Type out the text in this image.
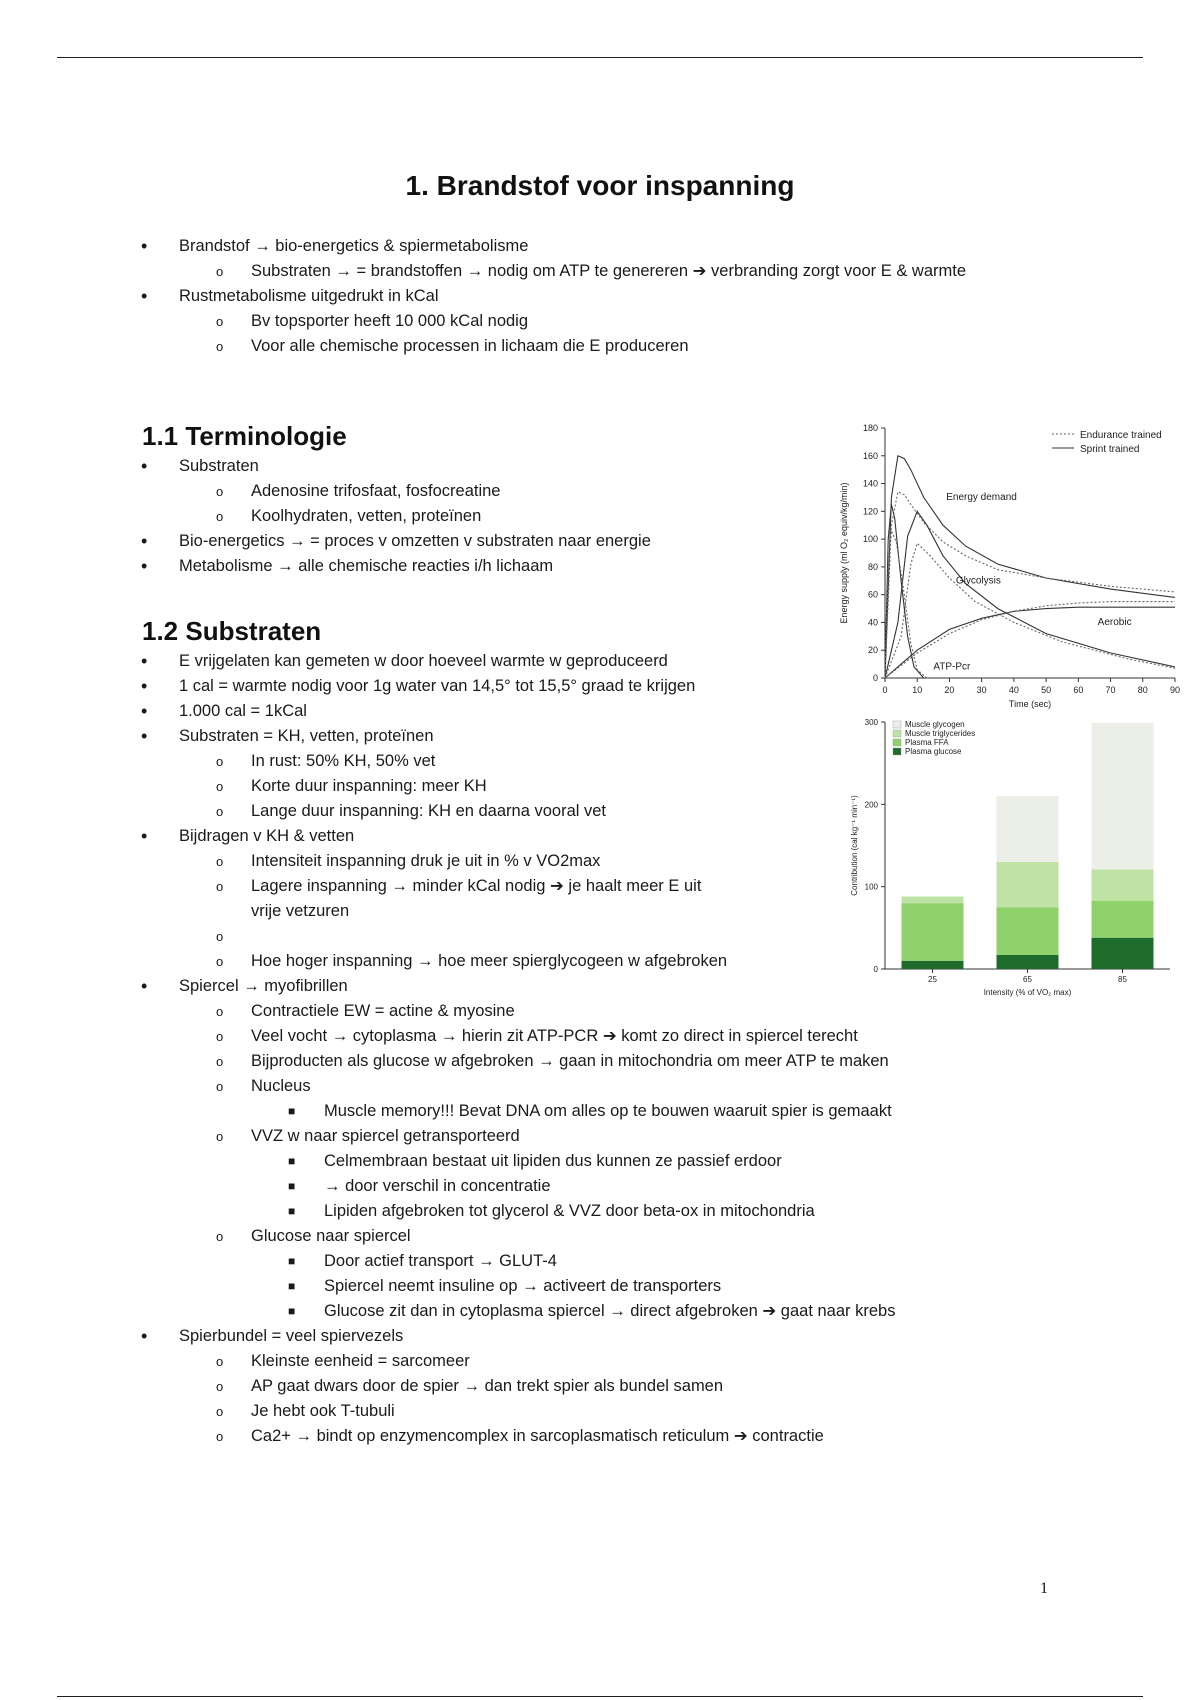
1. Brandstof voor inspanning
• Brandstof → bio-energetics & spiermetabolisme
o Substraten → = brandstoffen → nodig om ATP te genereren ➔ verbranding zorgt voor E & warmte
• Rustmetabolisme uitgedrukt in kCal
o Bv topsporter heeft 10 000 kCal nodig
o Voor alle chemische processen in lichaam die E produceren
1.1 Terminologie
• Substraten
o Adenosine trifosfaat, fosfocreatine
o Koolhydraten, vetten, proteïnen
• Bio-energetics → = proces v omzetten v substraten naar energie
• Metabolisme → alle chemische reacties i/h lichaam
1.2 Substraten
• E vrijgelaten kan gemeten w door hoeveel warmte w geproduceerd
• 1 cal = warmte nodig voor 1g water van 14,5° tot 15,5° graad te krijgen
• 1.000 cal = 1kCal
• Substraten = KH, vetten, proteïnen
o In rust: 50% KH, 50% vet
o Korte duur inspanning: meer KH
o Lange duur inspanning: KH en daarna vooral vet
• Bijdragen v KH & vetten
o Intensiteit inspanning druk je uit in % v VO2max
o Lagere inspanning → minder kCal nodig ➔ je haalt meer E uit
vrije vetzuren
o

o Hoe hoger inspanning → hoe meer spierglycogeen w afgebroken
• Spiercel → myofibrillen
o Contractiele EW = actine & myosine
o Veel vocht → cytoplasma → hierin zit ATP-PCR ➔ komt zo direct in spiercel terecht
o Bijproducten als glucose w afgebroken → gaan in mitochondria om meer ATP te maken
o Nucleus
■ Muscle memory!!! Bevat DNA om alles op te bouwen waaruit spier is gemaakt
o VVZ w naar spiercel getransporteerd
■ Celmembraan bestaat uit lipiden dus kunnen ze passief erdoor
■ → door verschil in concentratie
■ Lipiden afgebroken tot glycerol & VVZ door beta-ox in mitochondria
o Glucose naar spiercel
■ Door actief transport → GLUT-4
■ Spiercel neemt insuline op → activeert de transporters
■ Glucose zit dan in cytoplasma spiercel → direct afgebroken ➔ gaat naar krebs
• Spierbundel = veel spiervezels
o Kleinste eenheid = sarcomeer
o AP gaat dwars door de spier → dan trekt spier als bundel samen
o Je hebt ook T-tubuli
o Ca2+ → bindt op enzymencomplex in sarcoplasmatisch reticulum ➔ contractie
0
20
40
60
80
100
120
140
160
180
0	10 20 30 40 50 60 70 80 90
Time (sec)
Energy supply (ml O₂ equiv/kg/min)	Energy demand
Glycolysis
Aerobic
ATP-Pcr
Endurance trained
Sprint trained
0
100
200
300
Contribution (cal kg⁻¹ min⁻¹)
25	65	85
Intensity (% of VO₂ max)
Muscle glycogen
Muscle triglycerides
Plasma FFA
Plasma glucose
1
